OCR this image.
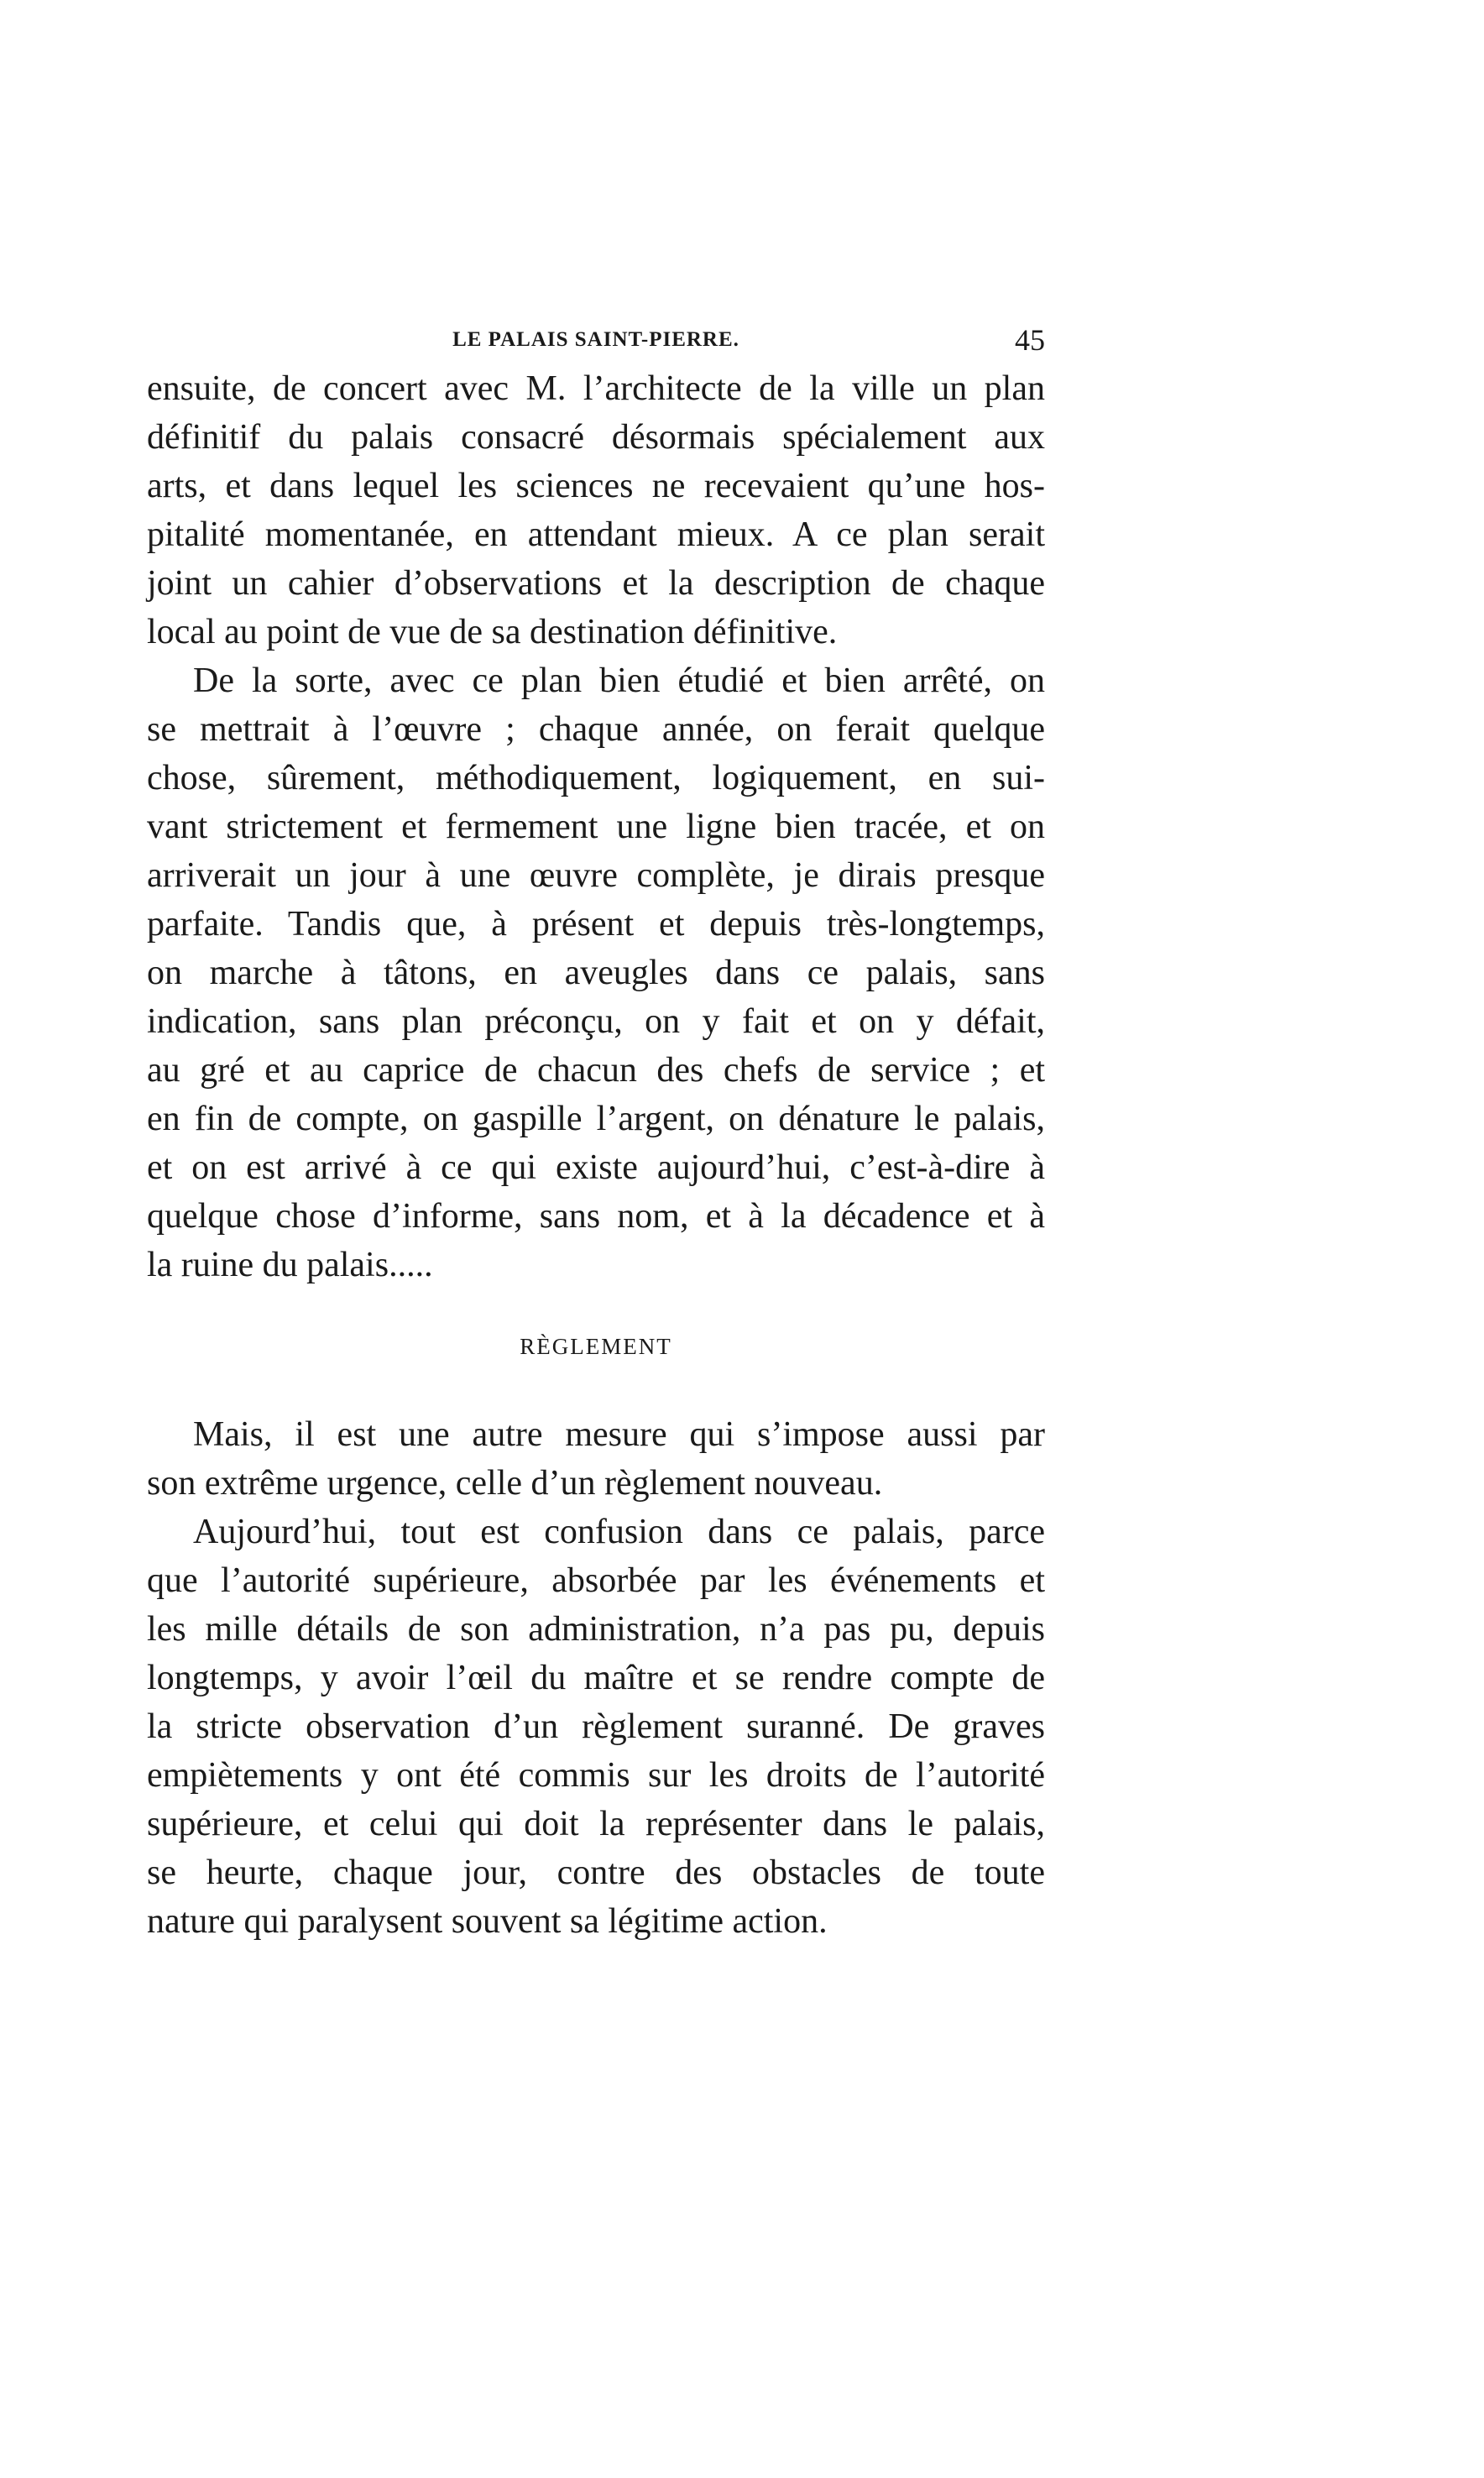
LE PALAIS SAINT-PIERRE.	45
ensuite, de concert avec M. l’architecte de la ville un plan
définitif du palais consacré désormais spécialement aux
arts, et dans lequel les sciences ne recevaient qu’une hos-
pitalité momentanée, en attendant mieux. A ce plan serait
joint un cahier d’observations et la description de chaque
local au point de vue de sa destination définitive.
De la sorte, avec ce plan bien étudié et bien arrêté, on
se mettrait à l’œuvre ; chaque année, on ferait quelque
chose, sûrement, méthodiquement, logiquement, en sui-
vant strictement et fermement une ligne bien tracée, et on
arriverait un jour à une œuvre complète, je dirais presque
parfaite. Tandis que, à présent et depuis très-longtemps,
on marche à tâtons, en aveugles dans ce palais, sans
indication, sans plan préconçu, on y fait et on y défait,
au gré et au caprice de chacun des chefs de service ; et
en fin de compte, on gaspille l’argent, on dénature le palais,
et on est arrivé à ce qui existe aujourd’hui, c’est-à-dire à
quelque chose d’informe, sans nom, et à la décadence et à
la ruine du palais.....
RÈGLEMENT
Mais, il est une autre mesure qui s’impose aussi par
son extrême urgence, celle d’un règlement nouveau.
Aujourd’hui, tout est confusion dans ce palais, parce
que l’autorité supérieure, absorbée par les événements et
les mille détails de son administration, n’a pas pu, depuis
longtemps, y avoir l’œil du maître et se rendre compte de
la stricte observation d’un règlement suranné. De graves
empiètements y ont été commis sur les droits de l’autorité
supérieure, et celui qui doit la représenter dans le palais,
se heurte, chaque jour, contre des obstacles de toute
nature qui paralysent souvent sa légitime action.
